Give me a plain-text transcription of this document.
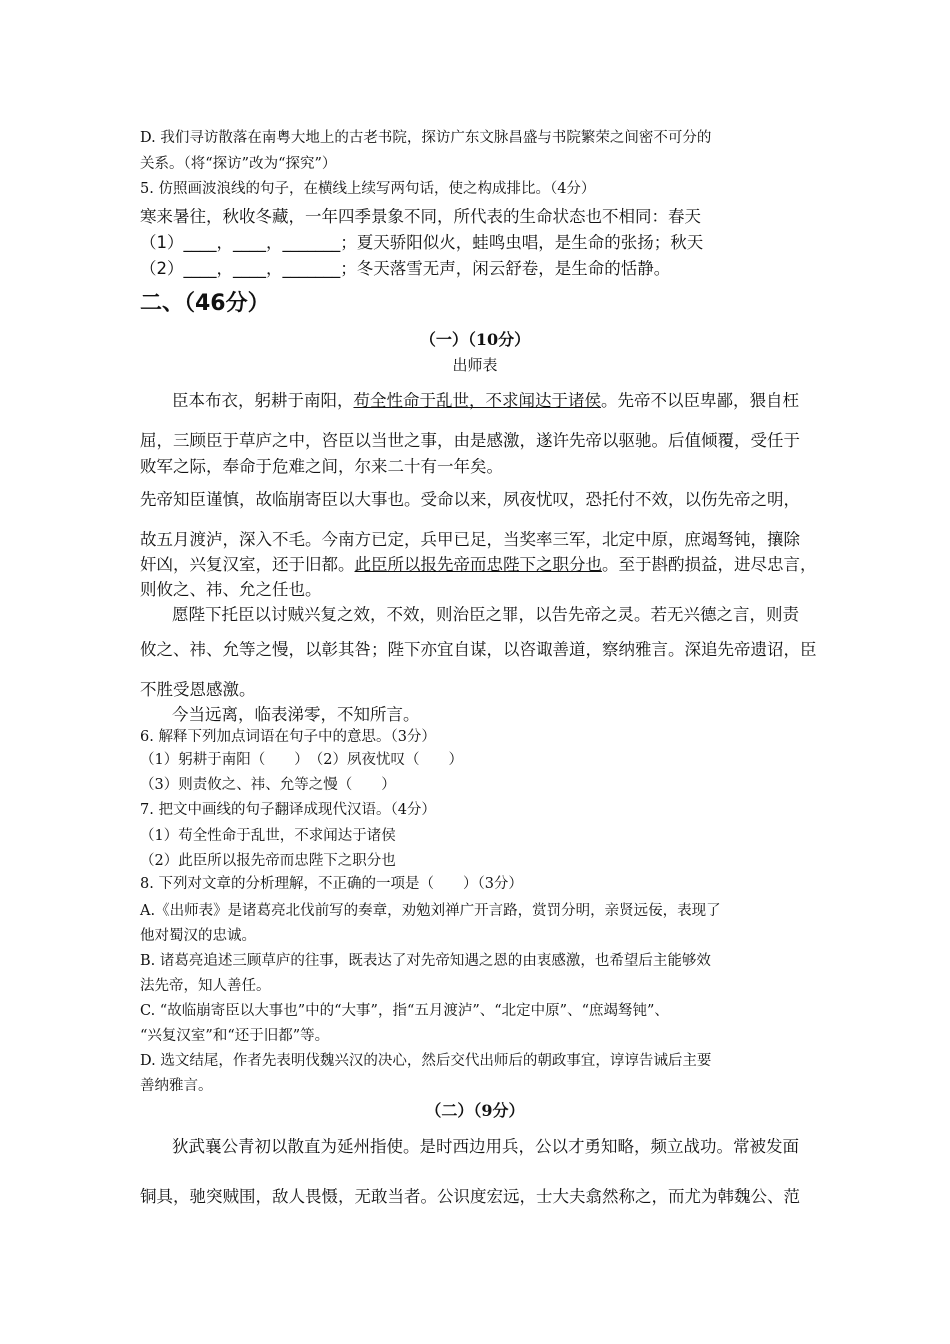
D. 我们寻访散落在南粤大地上的古老书院，探访广东文脉昌盛与书院繁荣之间密不可分的
关系。（将“探访”改为“探究”）
5. 仿照画波浪线的句子，在横线上续写两句话，使之构成排比。（4分）
寒来暑往，秋收冬藏，一年四季景象不同，所代表的生命状态也不相同：春天
（1）____，____，_______；夏天骄阳似火，蛙鸣虫唱，是生命的张扬；秋天
（2）____，____，_______；冬天落雪无声，闲云舒卷，是生命的恬静。
二、（46分）
（一）（10分）
出师表
臣本布衣，躬耕于南阳，苟全性命于乱世，不求闻达于诸侯。先帝不以臣卑鄙，猥自枉
屈，三顾臣于草庐之中，咨臣以当世之事，由是感激，遂许先帝以驱驰。后值倾覆，受任于
败军之际，奉命于危难之间，尔来二十有一年矣。
先帝知臣谨慎，故临崩寄臣以大事也。受命以来，夙夜忧叹，恐托付不效，以伤先帝之明，
故五月渡泸，深入不毛。今南方已定，兵甲已足，当奖率三军，北定中原，庶竭驽钝，攘除
奸凶，兴复汉室，还于旧都。此臣所以报先帝而忠陛下之职分也。至于斟酌损益，进尽忠言，
则攸之、祎、允之任也。
愿陛下托臣以讨贼兴复之效，不效，则治臣之罪，以告先帝之灵。若无兴德之言，则责
攸之、祎、允等之慢，以彰其咎；陛下亦宜自谋，以咨诹善道，察纳雅言。深追先帝遗诏，臣
不胜受恩感激。
今当远离，临表涕零，不知所言。
6. 解释下列加点词语在句子中的意思。（3分）
（1）躬耕于南阳（　　）　（2）夙夜忧叹（　　）
（3）则责攸之、祎、允等之慢（　　）
7. 把文中画线的句子翻译成现代汉语。（4分）
（1）苟全性命于乱世，不求闻达于诸侯
（2）此臣所以报先帝而忠陛下之职分也
8. 下列对文章的分析理解，不正确的一项是（　　）（3分）
A.《出师表》是诸葛亮北伐前写的奏章，劝勉刘禅广开言路，赏罚分明，亲贤远佞，表现了
他对蜀汉的忠诚。
B. 诸葛亮追述三顾草庐的往事，既表达了对先帝知遇之恩的由衷感激，也希望后主能够效
法先帝，知人善任。
C. “故临崩寄臣以大事也”中的“大事”，指“五月渡泸”、“北定中原”、“庶竭驽钝”、
“兴复汉室”和“还于旧都”等。
D. 选文结尾，作者先表明伐魏兴汉的决心，然后交代出师后的朝政事宜，谆谆告诫后主要
善纳雅言。
（二）（9分）
狄武襄公青初以散直为延州指使。是时西边用兵，公以才勇知略，频立战功。常被发面
铜具，驰突贼围，敌人畏慑，无敢当者。公识度宏远，士大夫翕然称之，而尤为韩魏公、范
